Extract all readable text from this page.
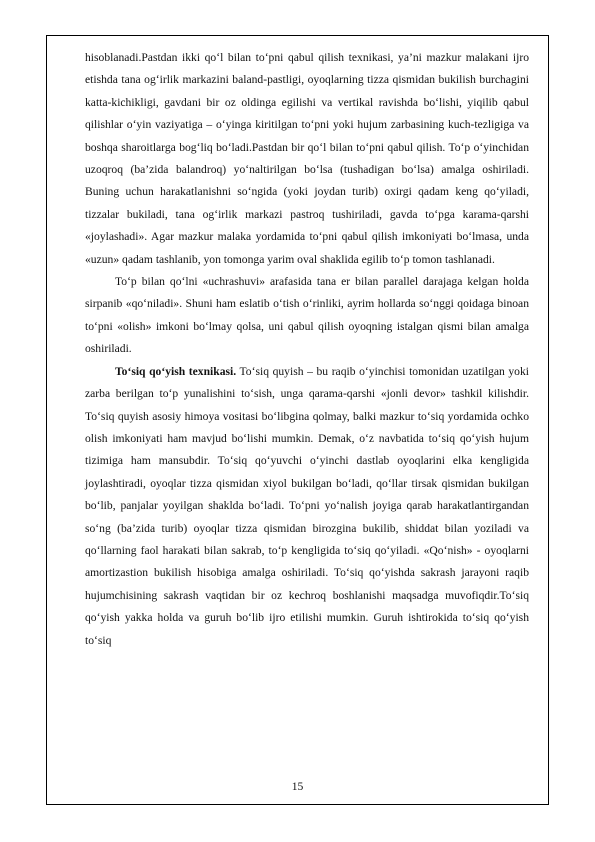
hisoblanadi.Pastdan ikki qo‘l bilan to‘pni qabul qilish texnikasi, ya’ni mazkur malakani ijro etishda tana og‘irlik markazini baland-pastligi, oyoqlarning tizza qismidan bukilish burchagini katta-kichikligi, gavdani bir oz oldinga egilishi va vertikal ravishda bo‘lishi, yiqilib qabul qilishlar o‘yin vaziyatiga – o‘yinga kiritilgan to‘pni yoki hujum zarbasining kuch-tezligiga va boshqa sharoitlarga bog‘liq bo‘ladi.Pastdan bir qo‘l bilan to‘pni qabul qilish. To‘p o‘yinchidan uzoqroq (ba’zida balandroq) yo‘naltirilgan bo‘lsa (tushadigan bo‘lsa) amalga oshiriladi. Buning uchun harakatlanishni so‘ngida (yoki joydan turib) oxirgi qadam keng qo‘yiladi, tizzalar bukiladi, tana og‘irlik markazi pastroq tushiriladi, gavda to‘pga karama-qarshi «joylashadi». Agar mazkur malaka yordamida to‘pni qabul qilish imkoniyati bo‘lmasa, unda «uzun» qadam tashlanib, yon tomonga yarim oval shaklida egilib to‘p tomon tashlanadi.

To‘p bilan qo‘lni «uchrashuvi» arafasida tana er bilan parallel darajaga kelgan holda sirpanib «qo‘niladi». Shuni ham eslatib o‘tish o‘rinliki, ayrim hollarda so‘nggi qoidaga binoan to‘pni «olish» imkoni bo‘lmay qolsa, uni qabul qilish oyoqning istalgan qismi bilan amalga oshiriladi.

To‘siq qo‘yish texnikasi. To‘siq quyish – bu raqib o‘yinchisi tomonidan uzatilgan yoki zarba berilgan to‘p yunalishini to‘sish, unga qarama-qarshi «jonli devor» tashkil kilishdir. To‘siq quyish asosiy himoya vositasi bo‘libgina qolmay, balki mazkur to‘siq yordamida ochko olish imkoniyati ham mavjud bo‘lishi mumkin. Demak, o‘z navbatida to‘siq qo‘yish hujum tizimiga ham mansubdir. To‘siq qo‘yuvchi o‘yinchi dastlab oyoqlarini elka kengligida joylashtiradi, oyoqlar tizza qismidan xiyol bukilgan bo‘ladi, qo‘llar tirsak qismidan bukilgan bo‘lib, panjalar yoyilgan shaklda bo‘ladi. To‘pni yo‘nalish joyiga qarab harakatlantirgandan so‘ng (ba’zida turib) oyoqlar tizza qismidan birozgina bukilib, shiddat bilan yoziladi va qo‘llarning faol harakati bilan sakrab, to‘p kengligida to‘siq qo‘yiladi. «Qo‘nish» - oyoqlarni amortizastion bukilish hisobiga amalga oshiriladi. To‘siq qo‘yishda sakrash jarayoni raqib hujumchisining sakrash vaqtidan bir oz kechroq boshlanishi maqsadga muvofiqdir.To‘siq qo‘yish yakka holda va guruh bo‘lib ijro etilishi mumkin. Guruh ishtirokida to‘siq qo‘yish to‘siq

15
